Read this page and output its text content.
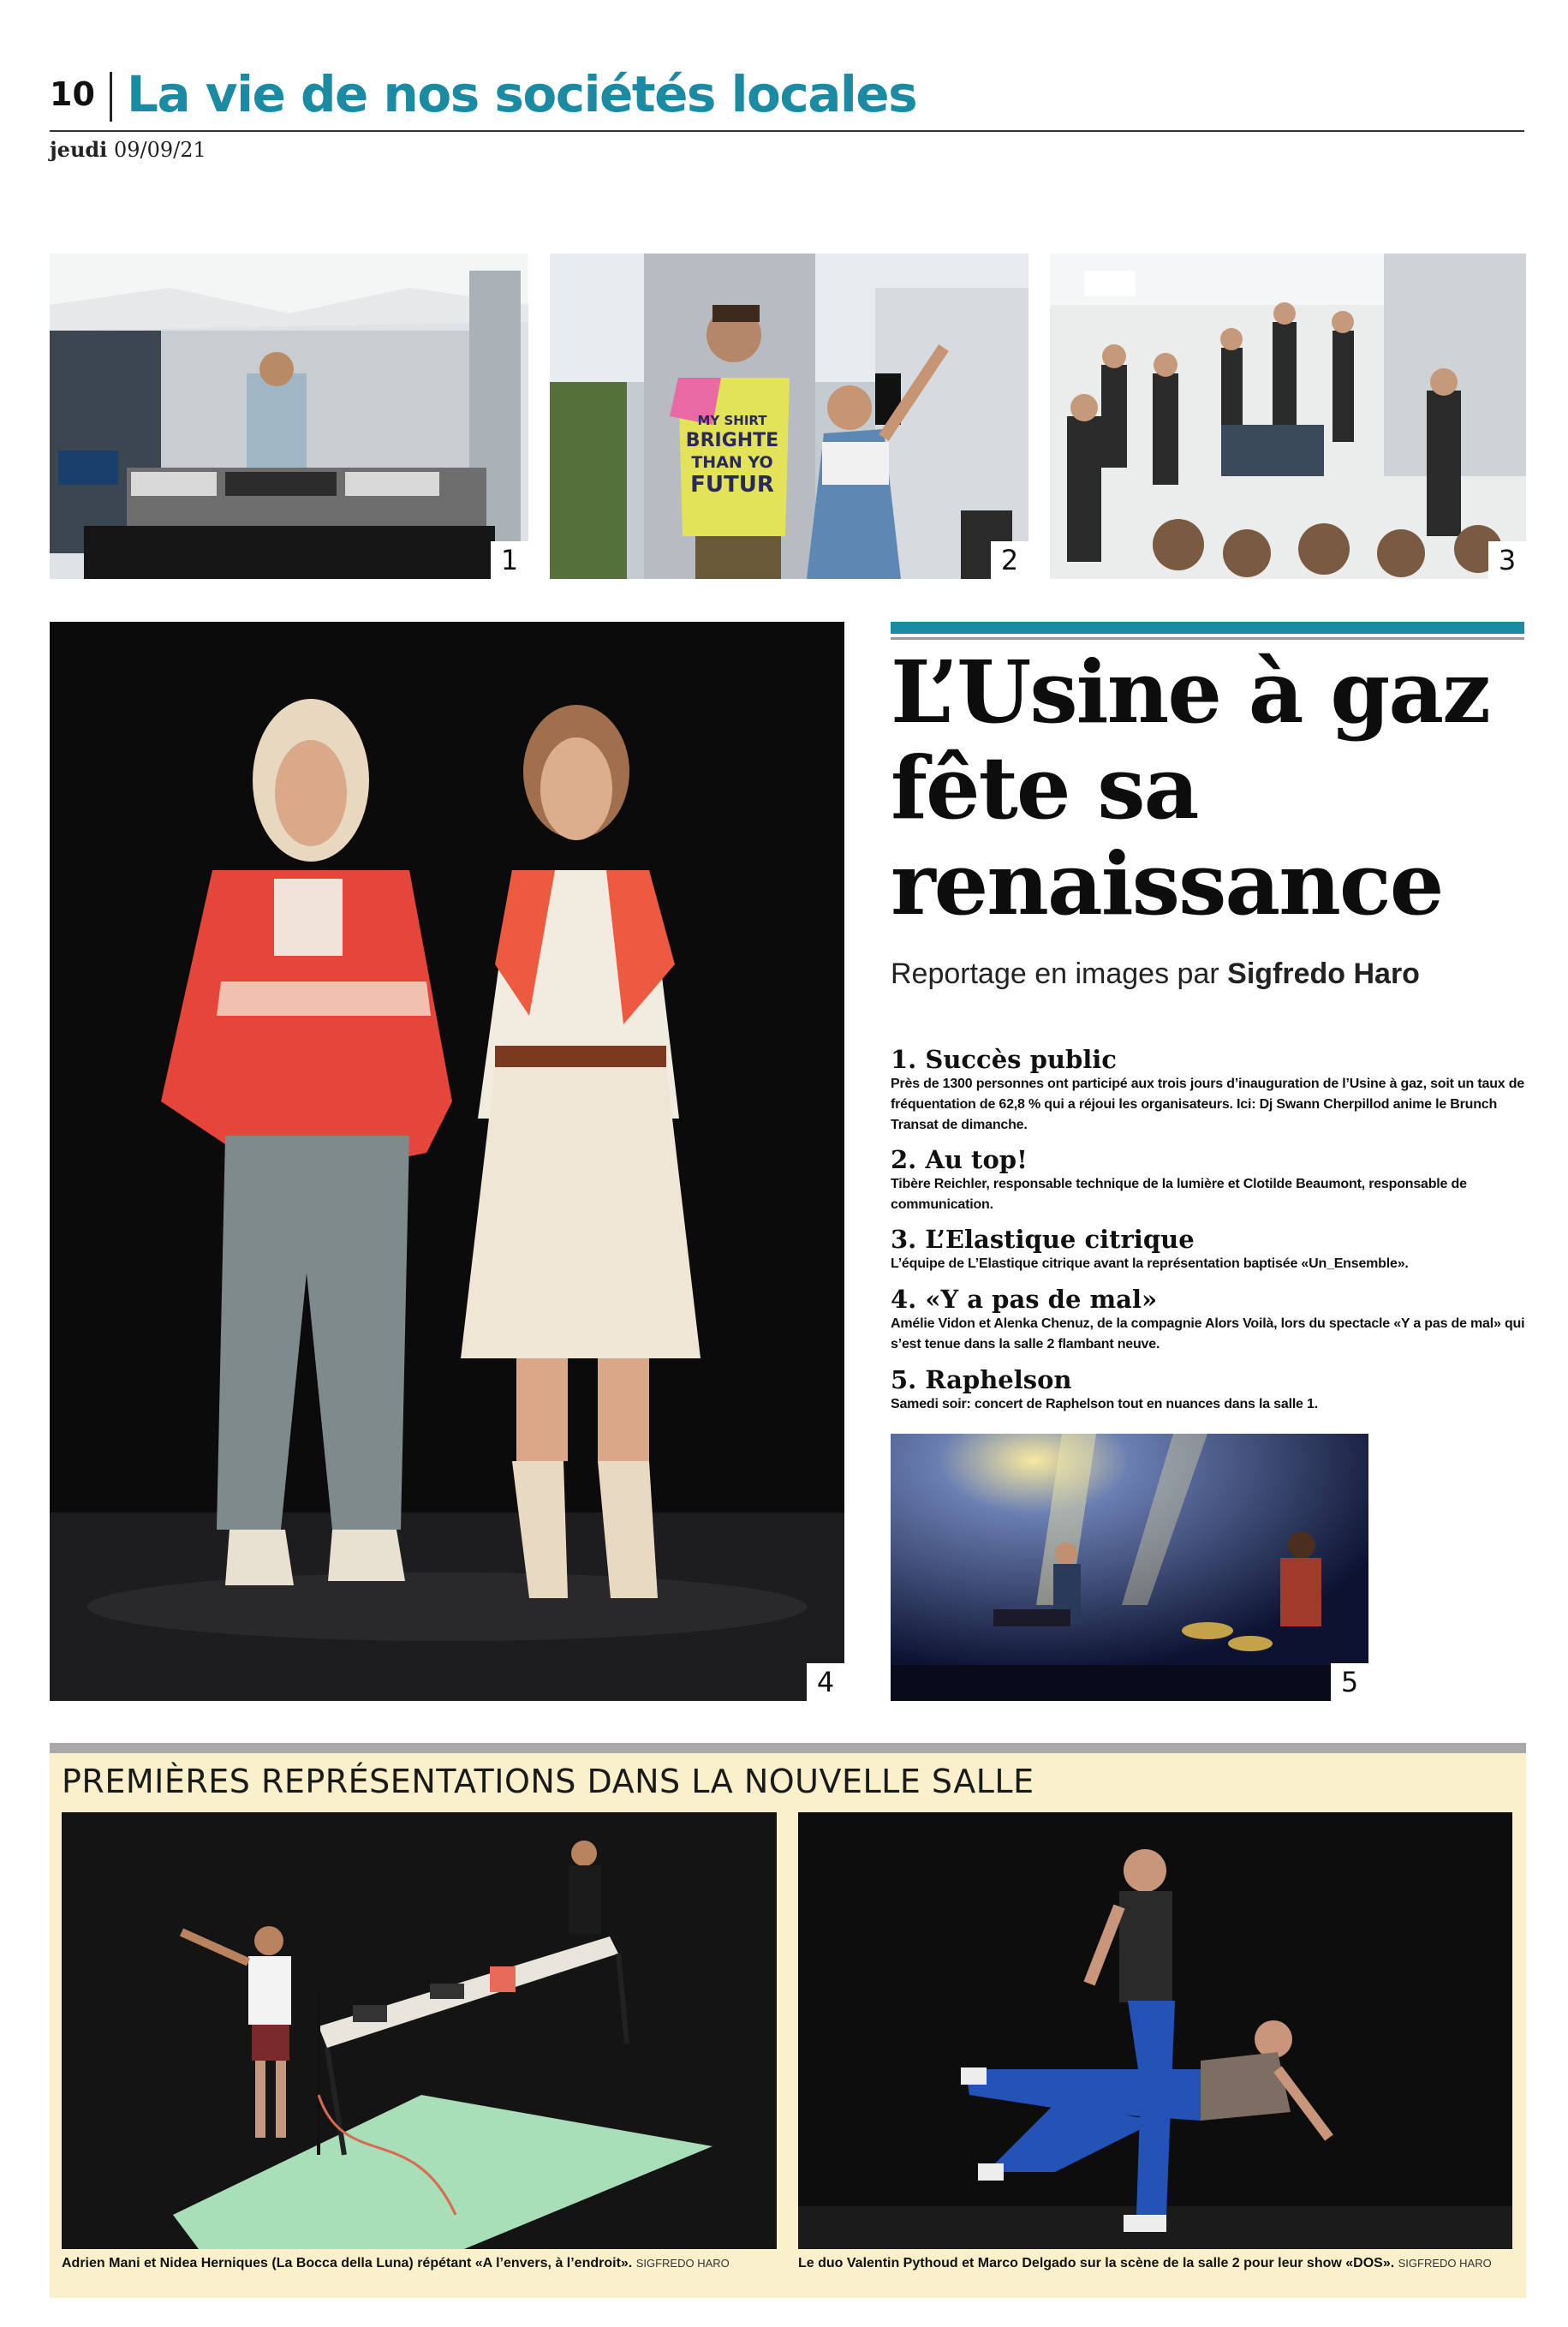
10 La vie de nos sociétés locales
jeudi 09/09/21
1
MY SHIRT
BRIGHTE
THAN YO
FUTUR
2	3
4
L’Usine à gaz
fête sa
renaissance
Reportage en images par Sigfredo Haro
1. Succès public
Près de 1300 personnes ont participé aux trois jours d’inauguration de l’Usine à gaz, soit un taux de fréquentation de 62,8 % qui a réjoui les organisateurs. Ici: Dj Swann Cherpillod anime le Brunch Transat de dimanche.
2. Au top!
Tibère Reichler, responsable technique de la lumière et Clotilde Beaumont, responsable de communication.
3. L’Elastique citrique
L’équipe de L’Elastique citrique avant la représentation baptisée «Un_Ensemble».
4. «Y a pas de mal»
Amélie Vidon et Alenka Chenuz, de la compagnie Alors Voilà, lors du spectacle «Y a pas de mal» qui s’est tenue dans la salle 2 flambant neuve.
5. Raphelson
Samedi soir: concert de Raphelson tout en nuances dans la salle 1.
5
PREMIÈRES REPRÉSENTATIONS DANS LA NOUVELLE SALLE
Adrien Mani et Nidea Herniques (La Bocca della Luna) répétant «A l’envers, à l’endroit». SIGFREDO HARO	Le duo Valentin Pythoud et Marco Delgado sur la scène de la salle 2 pour leur show «DOS». SIGFREDO HARO
